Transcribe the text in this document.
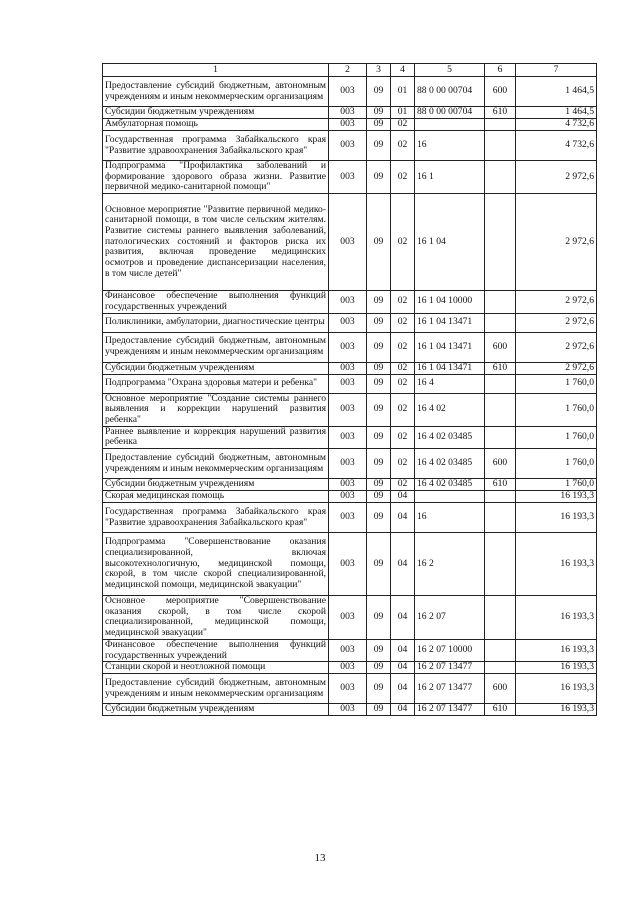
1	2	3	4	5	6	7
Предоставление субсидий бюджетным, автономным учреждениям и иным некоммерческим организациям	003	09	01	88 0 00 00704	600	1 464,5
Субсидии бюджетным учреждениям	003	09	01	88 0 00 00704	610	1 464,5
Амбулаторная помощь	003	09	02			4 732,6
Государственная программа Забайкальского края "Развитие здравоохранения Забайкальского края"	003	09	02	16		4 732,6
Подпрограмма "Профилактика заболеваний и формирование здорового образа жизни. Развитие первичной медико-санитарной помощи"	003	09	02	16 1		2 972,6
Основное мероприятие "Развитие первичной медико-санитарной помощи, в том числе сельским жителям. Развитие системы раннего выявления заболеваний, патологических состояний и факторов риска их развития, включая проведение медицинских осмотров и проведение диспансеризации населения, в том числе детей"	003	09	02	16 1 04		2 972,6
Финансовое обеспечение выполнения функций государственных учреждений	003	09	02	16 1 04 10000		2 972,6
Поликлиники, амбулатории, диагностические центры	003	09	02	16 1 04 13471		2 972,6
Предоставление субсидий бюджетным, автономным учреждениям и иным некоммерческим организациям	003	09	02	16 1 04 13471	600	2 972,6
Субсидии бюджетным учреждениям	003	09	02	16 1 04 13471	610	2 972,6
Подпрограмма "Охрана здоровья матери и ребенка"	003	09	02	16 4		1 760,0
Основное мероприятие "Создание системы раннего выявления и коррекции нарушений развития ребенка"	003	09	02	16 4 02		1 760,0
Раннее выявление и коррекция нарушений развития ребенка	003	09	02	16 4 02 03485		1 760,0
Предоставление субсидий бюджетным, автономным учреждениям и иным некоммерческим организациям	003	09	02	16 4 02 03485	600	1 760,0
Субсидии бюджетным учреждениям	003	09	02	16 4 02 03485	610	1 760,0
Скорая медицинская помощь	003	09	04			16 193,3
Государственная программа Забайкальского края "Развитие здравоохранения Забайкальского края"	003	09	04	16		16 193,3
Подпрограмма "Совершенствование оказания специализированной, включая высокотехнологичную, медицинской помощи, скорой, в том числе скорой специализированной, медицинской помощи, медицинской эвакуации"	003	09	04	16 2		16 193,3
Основное мероприятие "Совершенствование оказания скорой, в том числе скорой специализированной, медицинской помощи, медицинской эвакуации"	003	09	04	16 2 07		16 193,3
Финансовое обеспечение выполнения функций государственных учреждений	003	09	04	16 2 07 10000		16 193,3
Станции скорой и неотложной помощи	003	09	04	16 2 07 13477		16 193,3
Предоставление субсидий бюджетным, автономным учреждениям и иным некоммерческим организациям	003	09	04	16 2 07 13477	600	16 193,3
Субсидии бюджетным учреждениям	003	09	04	16 2 07 13477	610	16 193,3
13
